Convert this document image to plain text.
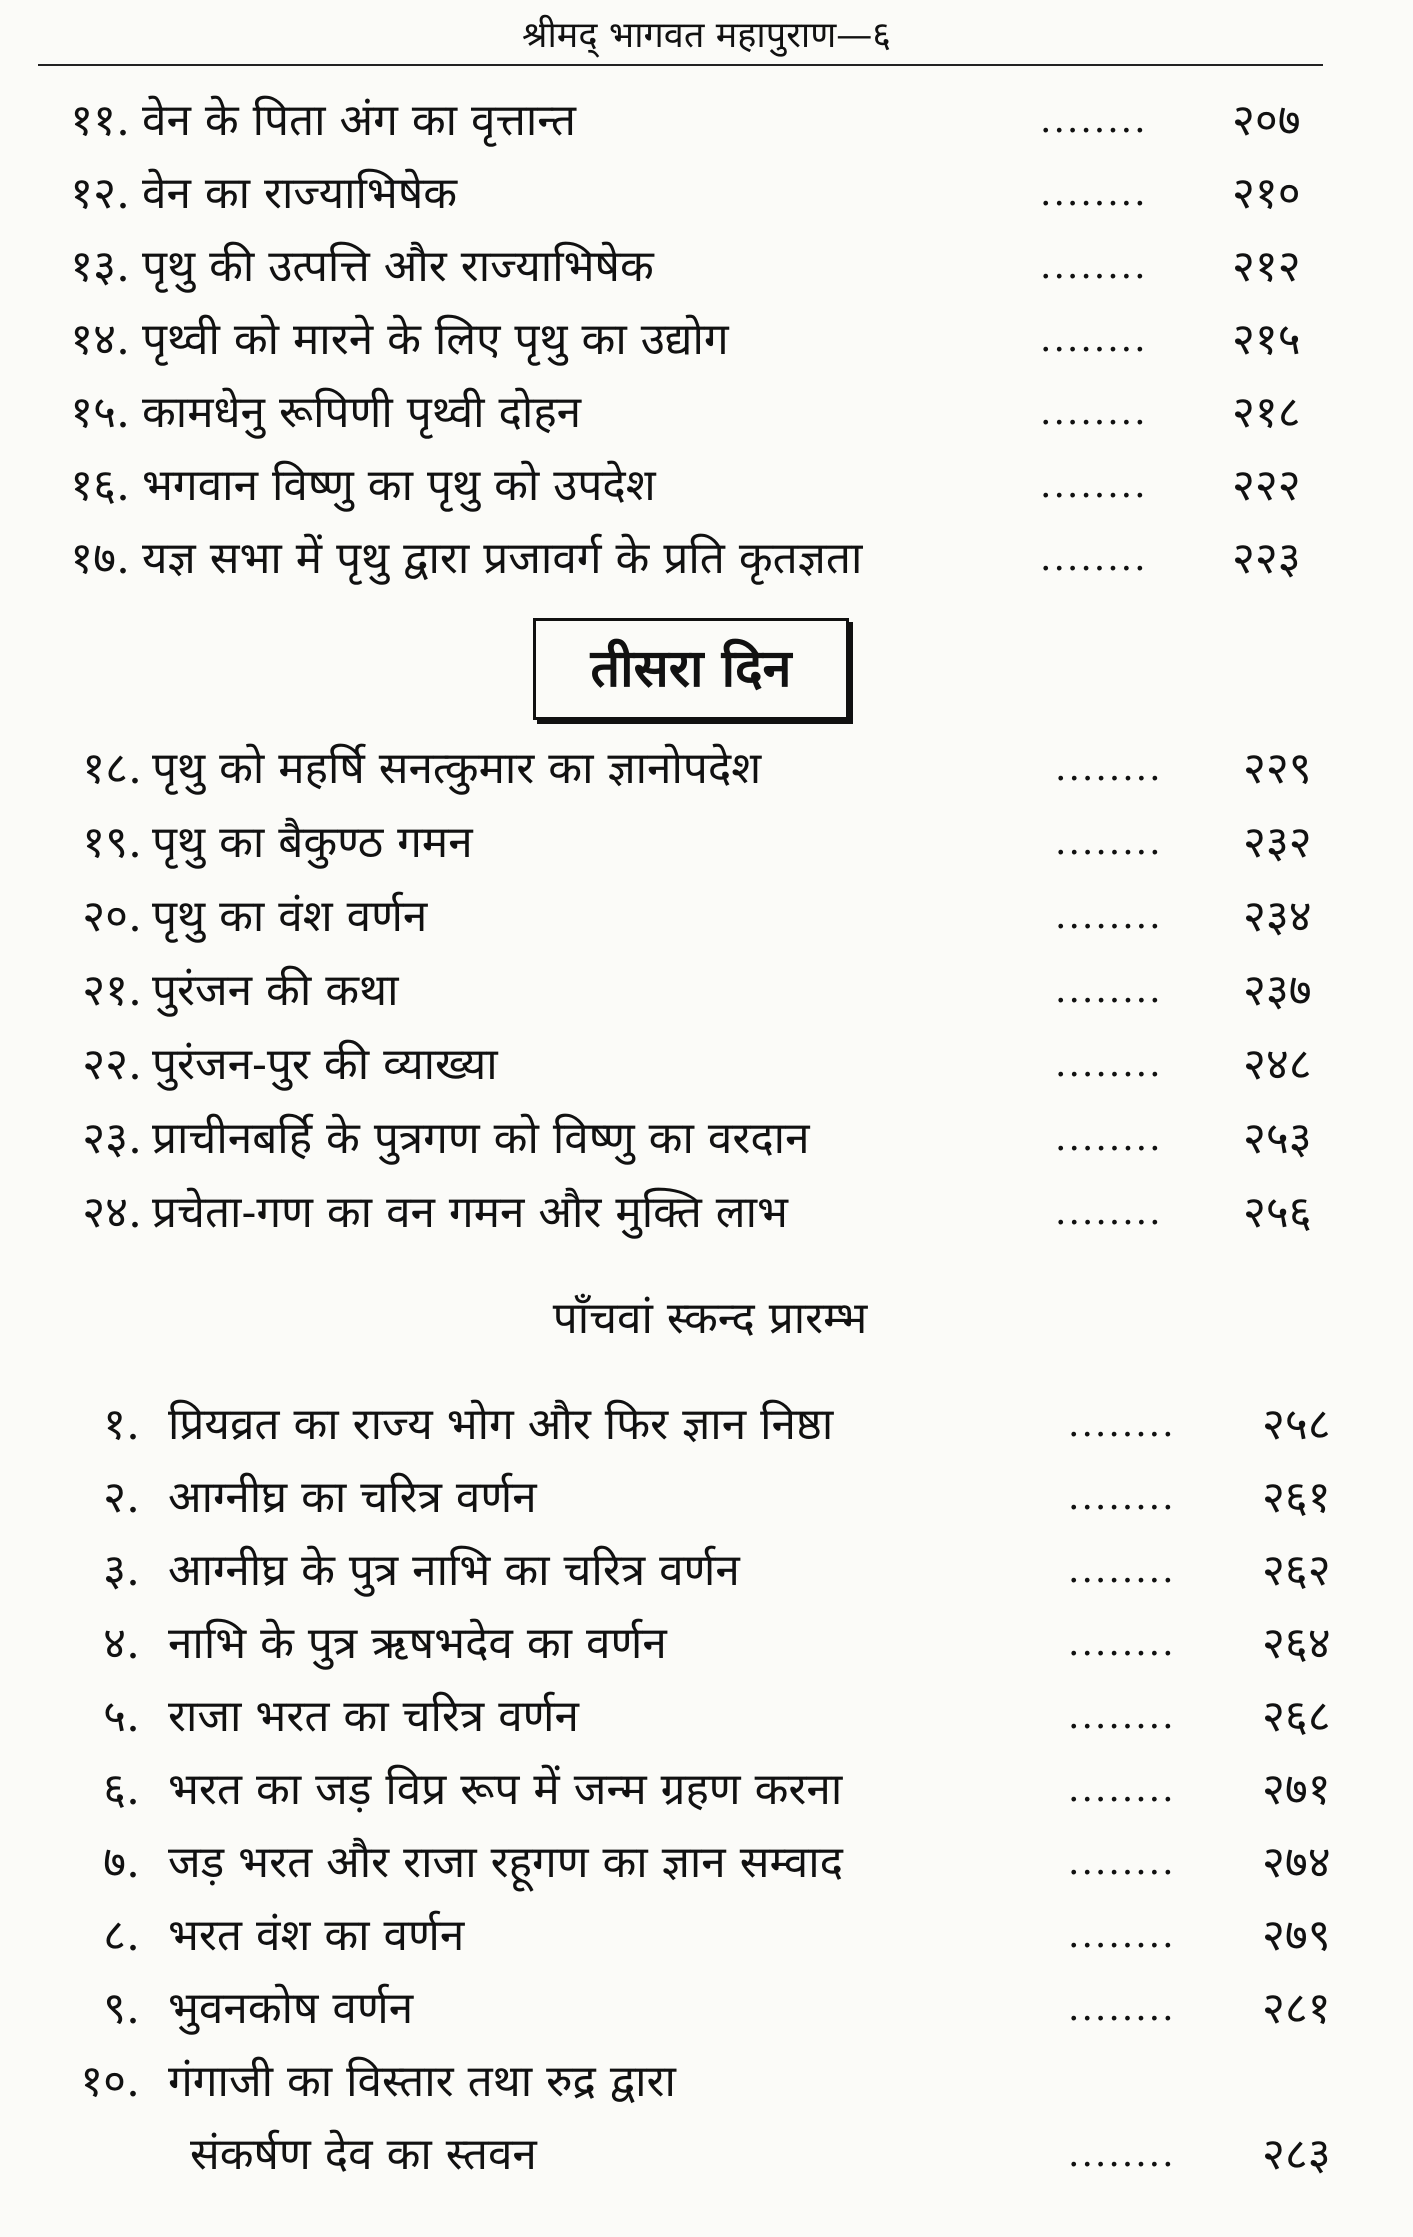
श्रीमद् भागवत महापुराण—६
११. वेन के पिता अंग का वृत्तान्त	........ २०७
१२. वेन का राज्याभिषेक	........ २१०
१३. पृथु की उत्पत्ति और राज्याभिषेक	........ २१२
१४. पृथ्वी को मारने के लिए पृथु का उद्योग	........ २१५
१५. कामधेनु रूपिणी पृथ्वी दोहन	........ २१८
१६. भगवान विष्णु का पृथु को उपदेश	........ २२२
१७. यज्ञ सभा में पृथु द्वारा प्रजावर्ग के प्रति कृतज्ञता	........ २२३
तीसरा दिन
१८. पृथु को महर्षि सनत्कुमार का ज्ञानोपदेश	........ २२९
१९. पृथु का बैकुण्ठ गमन	........ २३२
२०. पृथु का वंश वर्णन	........ २३४
२१. पुरंजन की कथा	........ २३७
२२. पुरंजन-पुर की व्याख्या	........ २४८
२३. प्राचीनबर्हि के पुत्रगण को विष्णु का वरदान	........ २५३
२४. प्रचेता-गण का वन गमन और मुक्ति लाभ	........ २५६
पाँचवां स्कन्द प्रारम्भ
१. प्रियव्रत का राज्य भोग और फिर ज्ञान निष्ठा	........ २५८
२. आग्नीघ्र का चरित्र वर्णन	........ २६१
३. आग्नीघ्र के पुत्र नाभि का चरित्र वर्णन	........ २६२
४. नाभि के पुत्र ऋषभदेव का वर्णन	........ २६४
५. राजा भरत का चरित्र वर्णन	........ २६८
६. भरत का जड़ विप्र रूप में जन्म ग्रहण करना	........ २७१
७. जड़ भरत और राजा रहूगण का ज्ञान सम्वाद	........ २७४
८. भरत वंश का वर्णन	........ २७९
९. भुवनकोष वर्णन	........ २८१
१०. गंगाजी का विस्तार तथा रुद्र द्वारा
संकर्षण देव का स्तवन	........ २८३
